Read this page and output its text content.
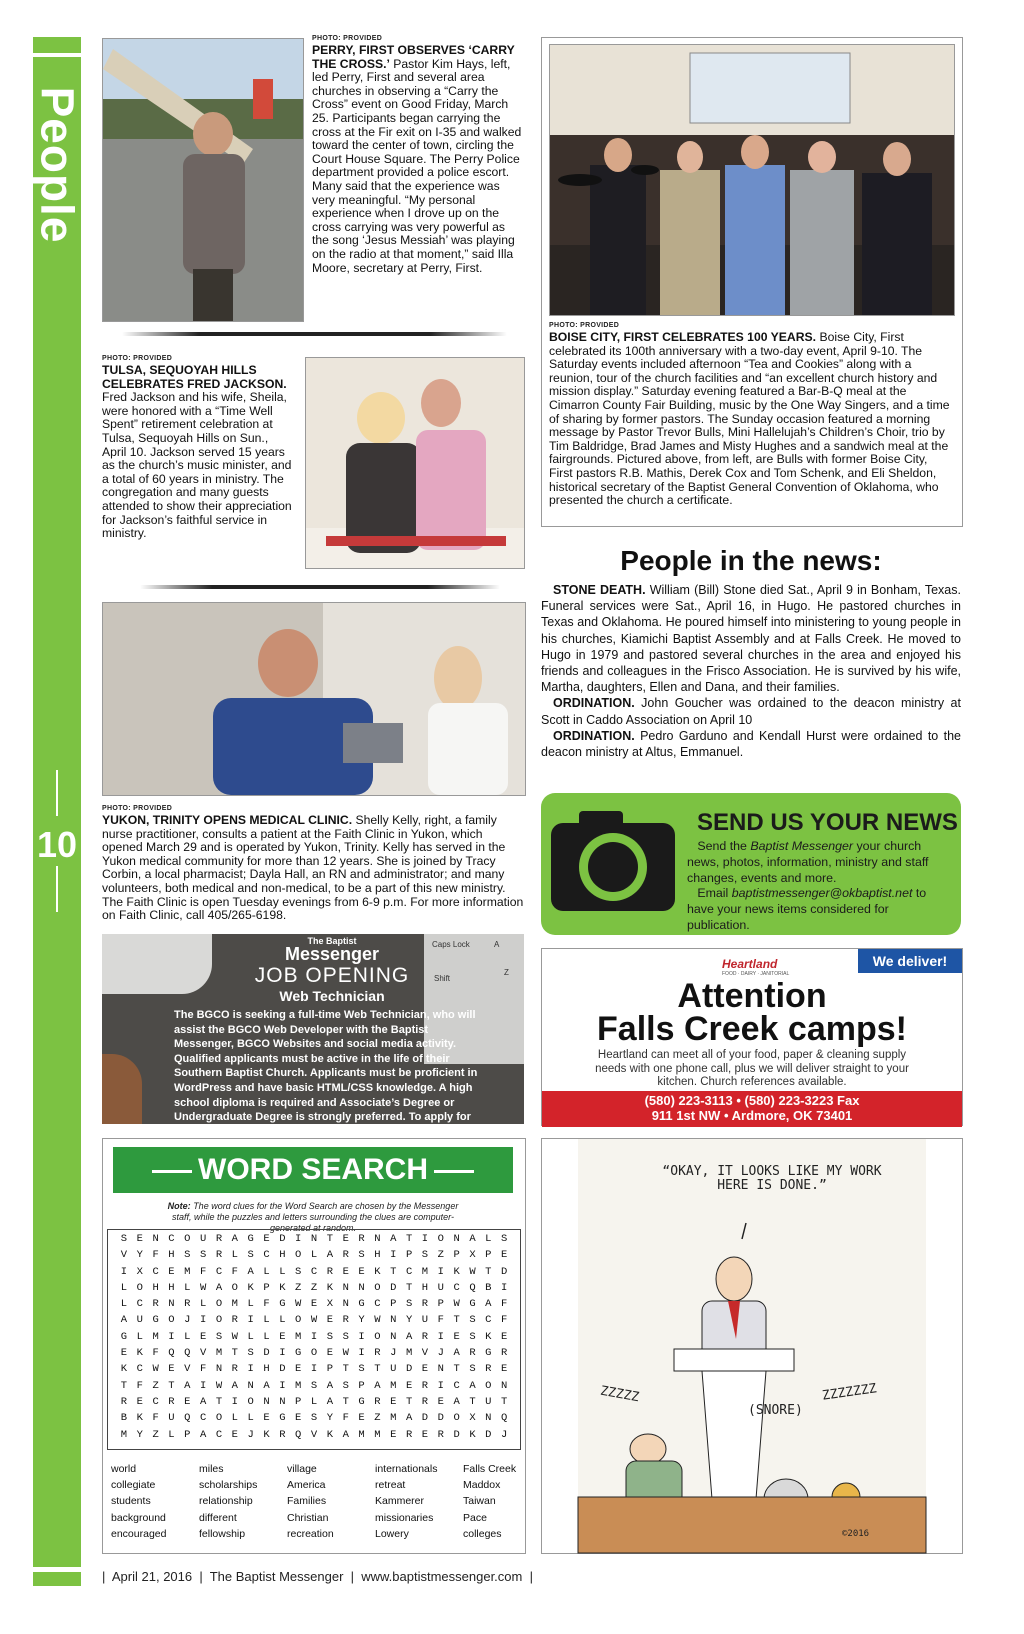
People
10
PHOTO: PROVIDED
PERRY, FIRST OBSERVES ‘CARRY THE CROSS.’ Pastor Kim Hays, left, led Perry, First and several area churches in observing a “Carry the Cross” event on Good Friday, March 25. Participants began carrying the cross at the Fir exit on I-35 and walked toward the center of town, circling the Court House Square. The Perry Police department provided a police escort. Many said that the experience was very meaningful. “My personal experience when I drove up on the cross carrying was very powerful as the song ‘Jesus Messiah’ was playing on the radio at that moment,” said Illa Moore, secretary at Perry, First.
PHOTO: PROVIDED
BOISE CITY, FIRST CELEBRATES 100 YEARS. Boise City, First celebrated its 100th anniversary with a two-day event, April 9-10. The Saturday events included afternoon “Tea and Cookies” along with a reunion, tour of the church facilities and “an excellent church history and mission display.” Saturday evening featured a Bar-B-Q meal at the Cimarron County Fair Building, music by the One Way Singers, and a time of sharing by former pastors. The Sunday occasion featured a morning message by Pastor Trevor Bulls, Mini Hallelujah’s Children’s Choir, trio by Tim Baldridge, Brad James and Misty Hughes and a sandwich meal at the fairgrounds. Pictured above, from left, are Bulls with former Boise City, First pastors R.B. Mathis, Derek Cox and Tom Schenk, and Eli Sheldon, historical secretary of the Baptist General Convention of Oklahoma, who presented the church a certificate.
PHOTO: PROVIDED
TULSA, SEQUOYAH HILLS CELEBRATES FRED JACKSON.
Fred Jackson and his wife, Sheila, were honored with a “Time Well Spent” retirement celebration at Tulsa, Sequoyah Hills on Sun., April 10. Jackson served 15 years as the church’s music minister, and a total of 60 years in ministry. The congregation and many guests attended to show their appreciation for Jackson’s faithful service in ministry.
PHOTO: PROVIDED
YUKON, TRINITY OPENS MEDICAL CLINIC. Shelly Kelly, right, a family nurse practitioner, consults a patient at the Faith Clinic in Yukon, which opened March 29 and is operated by Yukon, Trinity. Kelly has served in the Yukon medical community for more than 12 years. She is joined by Tracy Corbin, a local pharmacist; Dayla Hall, an RN and administrator; and many volunteers, both medical and non-medical, to be a part of this new ministry. The Faith Clinic is open Tuesday evenings from 6-9 p.m. For more information on Faith Clinic, call 405/265-6198.
People in the news:

STONE DEATH. William (Bill) Stone died Sat., April 9 in Bonham, Texas. Funeral services were Sat., April 16, in Hugo. He pastored churches in Texas and Oklahoma. He poured himself into ministering to young people in his churches, Kiamichi Baptist Assembly and at Falls Creek. He moved to Hugo in 1979 and pastored several churches in the area and enjoyed his friends and colleagues in the Frisco Association. He is survived by his wife, Martha, daughters, Ellen and Dana, and their families.

ORDINATION. John Goucher was ordained to the deacon ministry at Scott in Caddo Association on April 10

ORDINATION. Pedro Garduno and Kendall Hurst were ordained to the deacon ministry at Altus, Emmanuel.

SEND US YOUR NEWS
Send the Baptist Messenger your church news, photos, information, ministry and staff changes, events and more.
Email baptistmessenger@okbaptist.net to have your news items considered for publication.
Caps Lock	A
Z
Shift
The Baptist
Messenger
JOB OPENING
Web Technician
The BGCO is seeking a full-time Web Technician, who will assist the BGCO Web Developer with the Baptist Messenger, BGCO Websites and social media activity. Qualified applicants must be active in the life of their Southern Baptist Church. Applicants must be proficient in WordPress and have basic HTML/CSS knowledge. A high school diploma is required and Associate’s Degree or Undergraduate Degree is strongly preferred. To apply for this job go to bgco.org/job/web-technician/
Heartland
FOOD · DAIRY · JANITORIAL
We deliver!
Attention
Falls Creek camps!
Heartland can meet all of your food, paper & cleaning supply needs with one phone call, plus we will deliver straight to your kitchen. Church references available.
(580) 223-3113 • (580) 223-3223 Fax
911 1st NW • Ardmore, OK 73401
WORD SEARCH
Note: The word clues for the Word Search are chosen by the Messenger staff, while the puzzles and letters surrounding the clues are computer-generated at random.
S E N C O U R A G E D I N T E R N A T I O N A L S
V Y F H S S R L S C H O L A R S H I P S Z P X P E
I X C E M F C F A L L S C R E E K T C M I K W T D
L O H H L W A O K P K Z Z K N N O D T H U C Q B I
L C R N R L O M L F G W E X N G C P S R P W G A F
A U G O J I O R I L L O W E R Y W N Y U F T S C F
G L M I L E S W L L E M I S S I O N A R I E S K E
E K F Q Q V M T S D I G O E W I R J M V J A R G R
K C W E V F N R I H D E I P T S T U D E N T S R E
T F Z T A I W A N A I M S A S P A M E R I C A O N
R E C R E A T I O N N P L A T G R E T R E A T U T
B K F U Q C O L L E G E S Y F E Z M A D D O X N Q
M Y Z L P A C E J K R Q V K A M M E R E R D K D J
world
collegiate
students
background
encouraged
miles
scholarships
relationship
different
fellowship
village
America
Families
Christian
recreation
internationals
retreat
Kammerer
missionaries
Lowery
Falls Creek
Maddox
Taiwan
Pace
colleges
“OKAY, IT LOOKS LIKE MY WORK HERE IS DONE.”
ZZZZZ
(SNORE)
ZZZZZZZ
©2016
|  April 21, 2016  |  The Baptist Messenger  |  www.baptistmessenger.com  |
